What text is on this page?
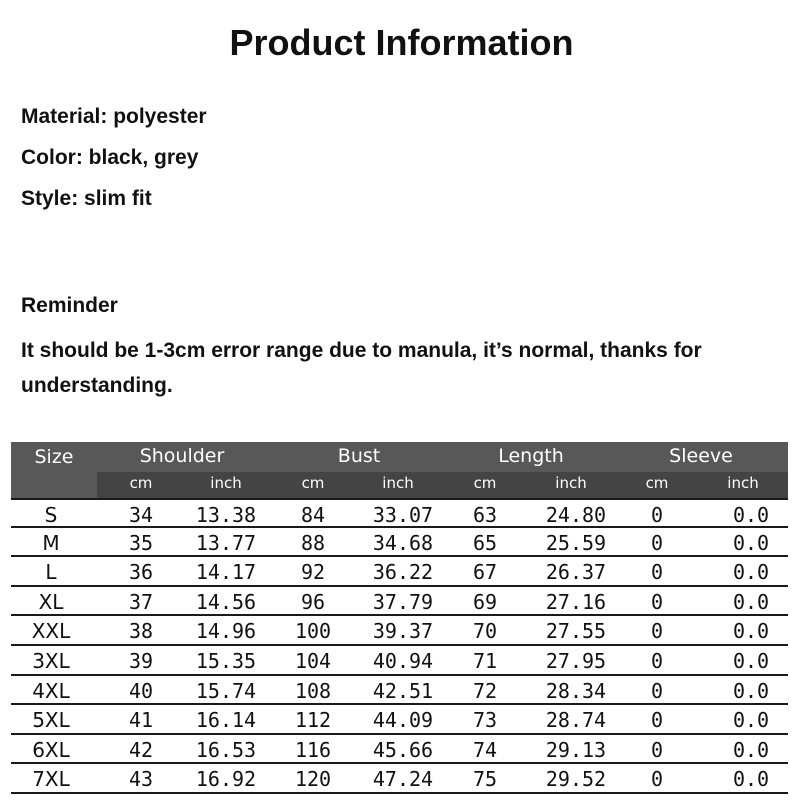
Product Information
Material: polyester
Color: black, grey
Style: slim fit
Reminder
It should be 1-3cm error range due to manula, it’s normal, thanks for understanding.
Size	Shoulder	Bust	Length	Sleeve
cm	inch	cm	inch	cm	inch	cm	inch
S	34	13.38	84	33.07	63	24.80	0	0.0
M	35	13.77	88	34.68	65	25.59	0	0.0
L	36	14.17	92	36.22	67	26.37	0	0.0
XL	37	14.56	96	37.79	69	27.16	0	0.0
XXL	38	14.96	100	39.37	70	27.55	0	0.0
3XL	39	15.35	104	40.94	71	27.95	0	0.0
4XL	40	15.74	108	42.51	72	28.34	0	0.0
5XL	41	16.14	112	44.09	73	28.74	0	0.0
6XL	42	16.53	116	45.66	74	29.13	0	0.0
7XL	43	16.92	120	47.24	75	29.52	0	0.0
